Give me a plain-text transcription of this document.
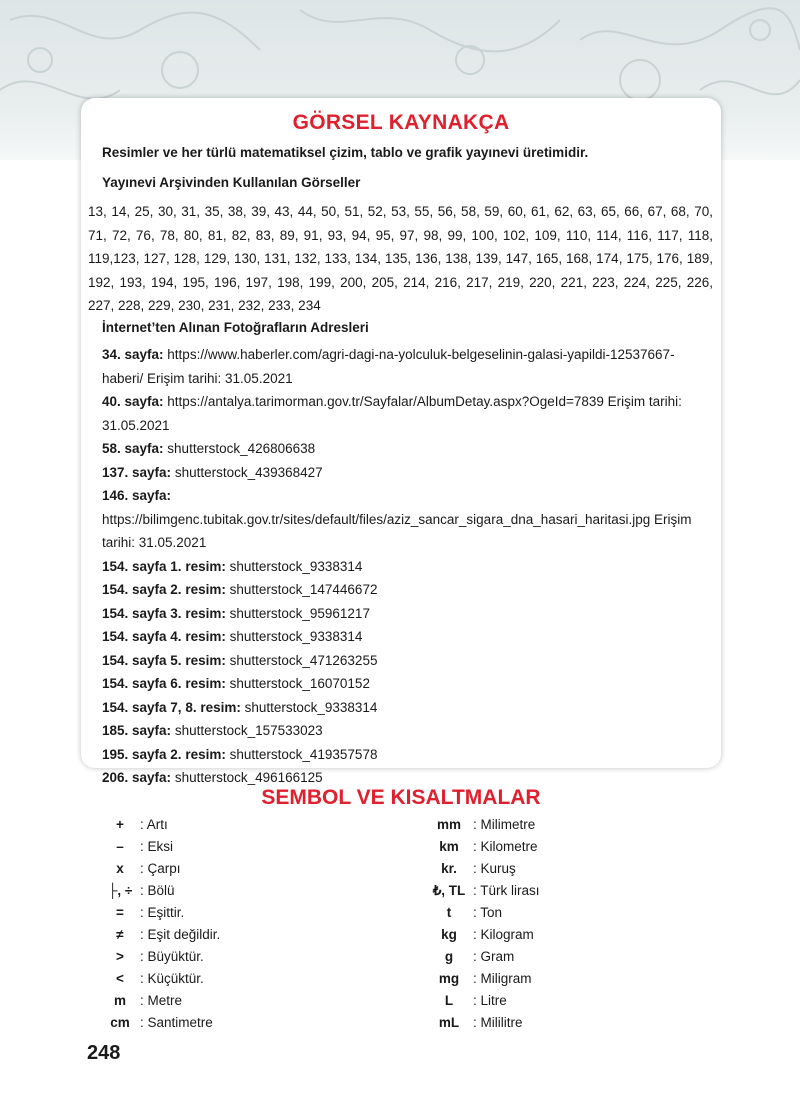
GÖRSEL KAYNAKÇA
Resimler ve her türlü matematiksel çizim, tablo ve grafik yayınevi üretimidir.
Yayınevi Arşivinden Kullanılan Görseller
13, 14, 25, 30, 31, 35, 38, 39, 43, 44, 50, 51, 52, 53, 55, 56, 58, 59, 60, 61, 62, 63, 65, 66, 67, 68, 70, 71, 72, 76, 78, 80, 81, 82, 83, 89, 91, 93, 94, 95, 97, 98, 99, 100, 102, 109, 110, 114, 116, 117, 118, 119,123, 127, 128, 129, 130, 131, 132, 133, 134, 135, 136, 138, 139, 147, 165, 168, 174, 175, 176, 189, 192, 193, 194, 195, 196, 197, 198, 199, 200, 205, 214, 216, 217, 219, 220, 221, 223, 224, 225, 226, 227, 228, 229, 230, 231, 232, 233, 234
İnternet’ten Alınan Fotoğrafların Adresleri

34. sayfa: https://www.haberler.com/agri-dagi-na-yolculuk-belgeselinin-galasi-yapildi-12537667-haberi/ Erişim tarihi: 31.05.2021

40. sayfa: https://antalya.tarimorman.gov.tr/Sayfalar/AlbumDetay.aspx?OgeId=7839 Erişim tarihi: 31.05.2021

58. sayfa: shutterstock_426806638

137. sayfa: shutterstock_439368427

146. sayfa: https://bilimgenc.tubitak.gov.tr/sites/default/files/aziz_sancar_sigara_dna_hasari_haritasi.jpg Erişim tarihi: 31.05.2021

154. sayfa 1. resim: shutterstock_9338314

154. sayfa 2. resim: shutterstock_147446672

154. sayfa 3. resim: shutterstock_95961217

154. sayfa 4. resim: shutterstock_9338314

154. sayfa 5. resim: shutterstock_471263255

154. sayfa 6. resim: shutterstock_16070152

154. sayfa 7, 8. resim: shutterstock_9338314

185. sayfa: shutterstock_157533023

195. sayfa 2. resim: shutterstock_419357578

206. sayfa: shutterstock_496166125

SEMBOL VE KISALTMALAR
+ : Artı
– : Eksi
x : Çarpı
├, ÷ : Bölü
= : Eşittir.
≠ : Eşit değildir.
> : Büyüktür.
< : Küçüktür.
m : Metre
cm : Santimetre
mm : Milimetre
km : Kilometre
kr. : Kuruş
₺, TL : Türk lirası
t : Ton
kg : Kilogram
g : Gram
mg : Miligram
L : Litre
mL : Mililitre
248
